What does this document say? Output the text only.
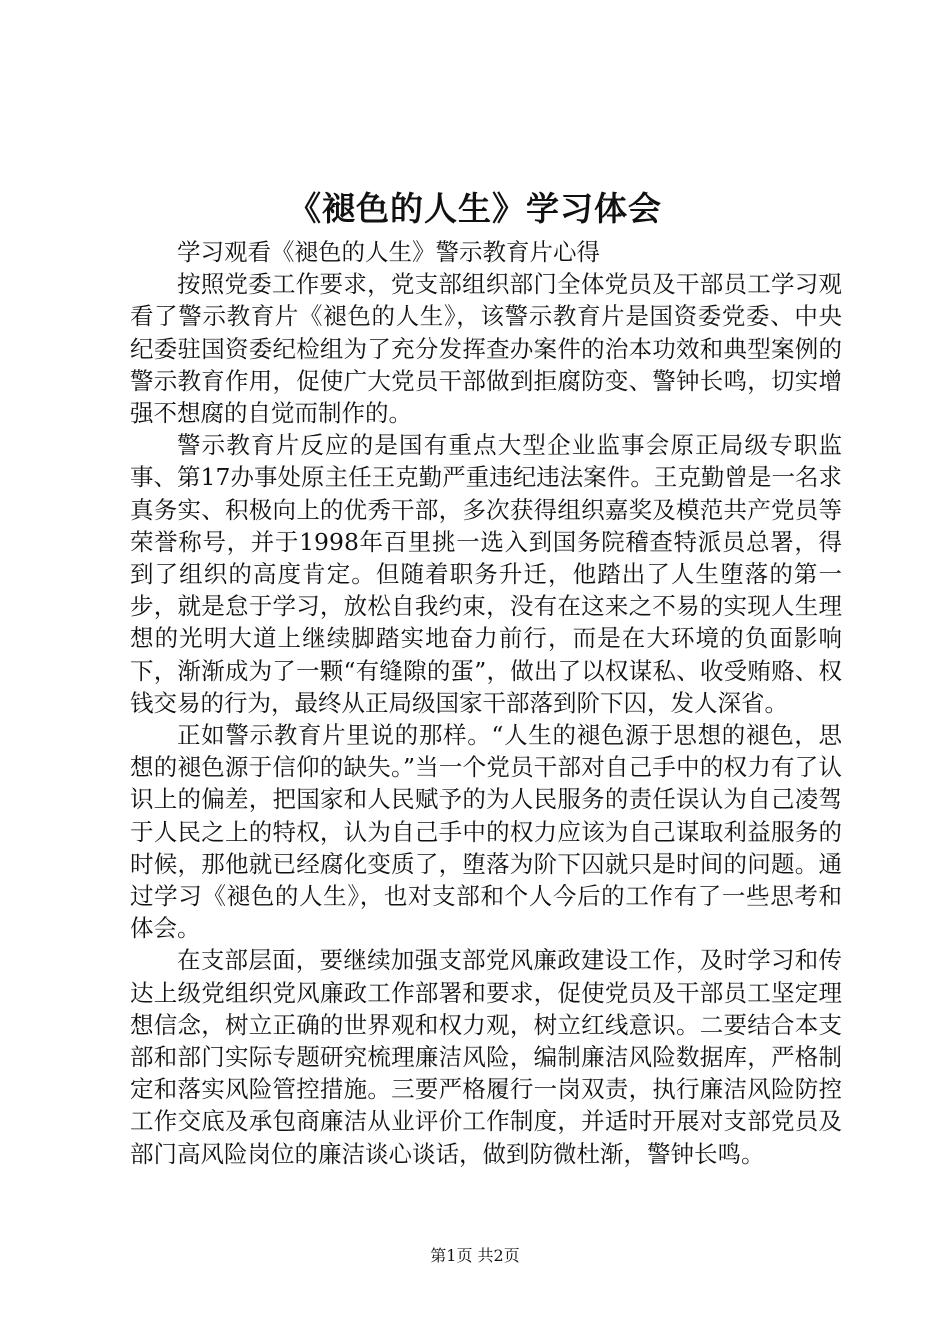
《褪色的人生》学习体会

学习观看《褪色的人生》警示教育片心得

按照党委工作要求，党支部组织部门全体党员及干部员工学习观看了警示教育片《褪色的人生》，该警示教育片是国资委党委、中央纪委驻国资委纪检组为了充分发挥查办案件的治本功效和典型案例的警示教育作用，促使广大党员干部做到拒腐防变、警钟长鸣，切实增强不想腐的自觉而制作的。

警示教育片反应的是国有重点大型企业监事会原正局级专职监事、第17办事处原主任王克勤严重违纪违法案件。王克勤曾是一名求真务实、积极向上的优秀干部，多次获得组织嘉奖及模范共产党员等荣誉称号，并于1998年百里挑一选入到国务院稽查特派员总署，得到了组织的高度肯定。但随着职务升迁，他踏出了人生堕落的第一步，就是怠于学习，放松自我约束，没有在这来之不易的实现人生理想的光明大道上继续脚踏实地奋力前行，而是在大环境的负面影响下，渐渐成为了一颗“有缝隙的蛋”，做出了以权谋私、收受贿赂、权钱交易的行为，最终从正局级国家干部落到阶下囚，发人深省。

正如警示教育片里说的那样。“人生的褪色源于思想的褪色，思想的褪色源于信仰的缺失。”当一个党员干部对自己手中的权力有了认识上的偏差，把国家和人民赋予的为人民服务的责任误认为自己凌驾于人民之上的特权，认为自己手中的权力应该为自己谋取利益服务的时候，那他就已经腐化变质了，堕落为阶下囚就只是时间的问题。通过学习《褪色的人生》，也对支部和个人今后的工作有了一些思考和体会。

在支部层面，要继续加强支部党风廉政建设工作，及时学习和传达上级党组织党风廉政工作部署和要求，促使党员及干部员工坚定理想信念，树立正确的世界观和权力观，树立红线意识。二要结合本支部和部门实际专题研究梳理廉洁风险，编制廉洁风险数据库，严格制定和落实风险管控措施。三要严格履行一岗双责，执行廉洁风险防控工作交底及承包商廉洁从业评价工作制度，并适时开展对支部党员及部门高风险岗位的廉洁谈心谈话，做到防微杜渐，警钟长鸣。

第1页 共2页
